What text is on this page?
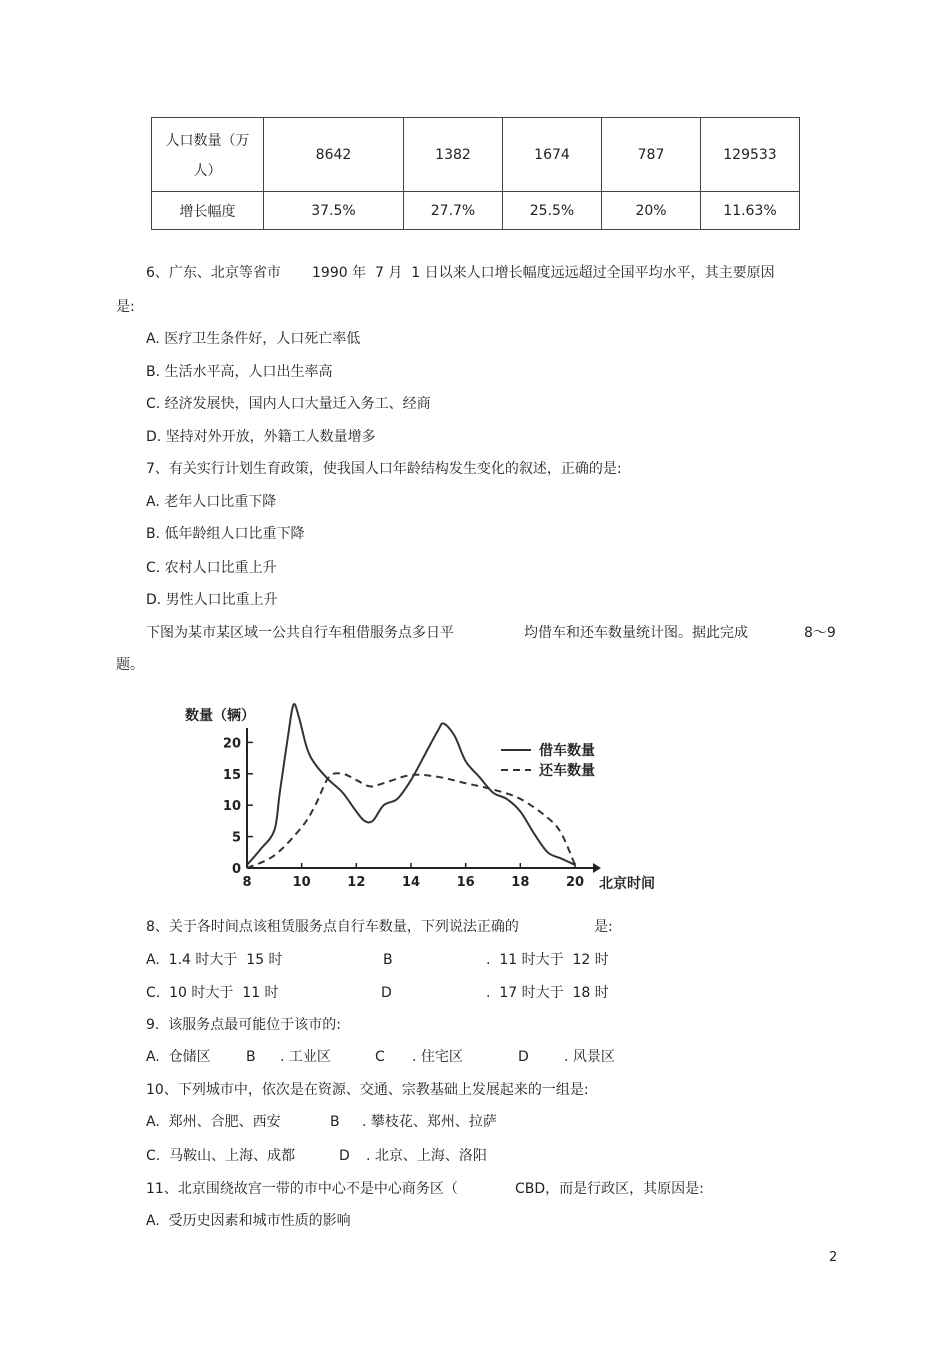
人口数量（万
人）	8642	1382	1674	787	129533
增长幅度	37.5%	27.7%	25.5%	20%	11.63%
6、广东、北京等省市 1990 年  7 月  1 日以来人口增长幅度远远超过全国平均水平，其主要原因
是:
A. 医疗卫生条件好，人口死亡率低
B. 生活水平高，人口出生率高
C. 经济发展快，国内人口大量迁入务工、经商
D. 坚持对外开放，外籍工人数量增多
7、有关实行计划生育政策，使我国人口年龄结构发生变化的叙述，正确的是:
A. 老年人口比重下降
B. 低年龄组人口比重下降
C. 农村人口比重上升
D. 男性人口比重上升
下图为某市某区域一公共自行车租借服务点多日平	均借车和还车数量统计图。据此完成	8～9
题。
数量（辆）
北京时间
8	10	12	14	16	18	20
0
5
10
15
20	借车数量
还车数量
8、关于各时间点该租赁服务点自行车数量，下列说法正确的	是:
A.  1.4 时大于  15 时	B	.  11 时大于  12 时
C.  10 时大于  11 时	D	.  17 时大于  18 时
9.  该服务点最可能位于该市的:
A.  仓储区	B . 工业区	C . 住宅区	D	. 风景区
10、下列城市中，依次是在资源、交通、宗教基础上发展起来的一组是:
A.  郑州、合肥、西安	B . 攀枝花、郑州、拉萨
C.  马鞍山、上海、成都	D . 北京、上海、洛阳
11、北京围绕故宫一带的市中心不是中心商务区（	CBD，而是行政区，其原因是:
A.  受历史因素和城市性质的影响
2
